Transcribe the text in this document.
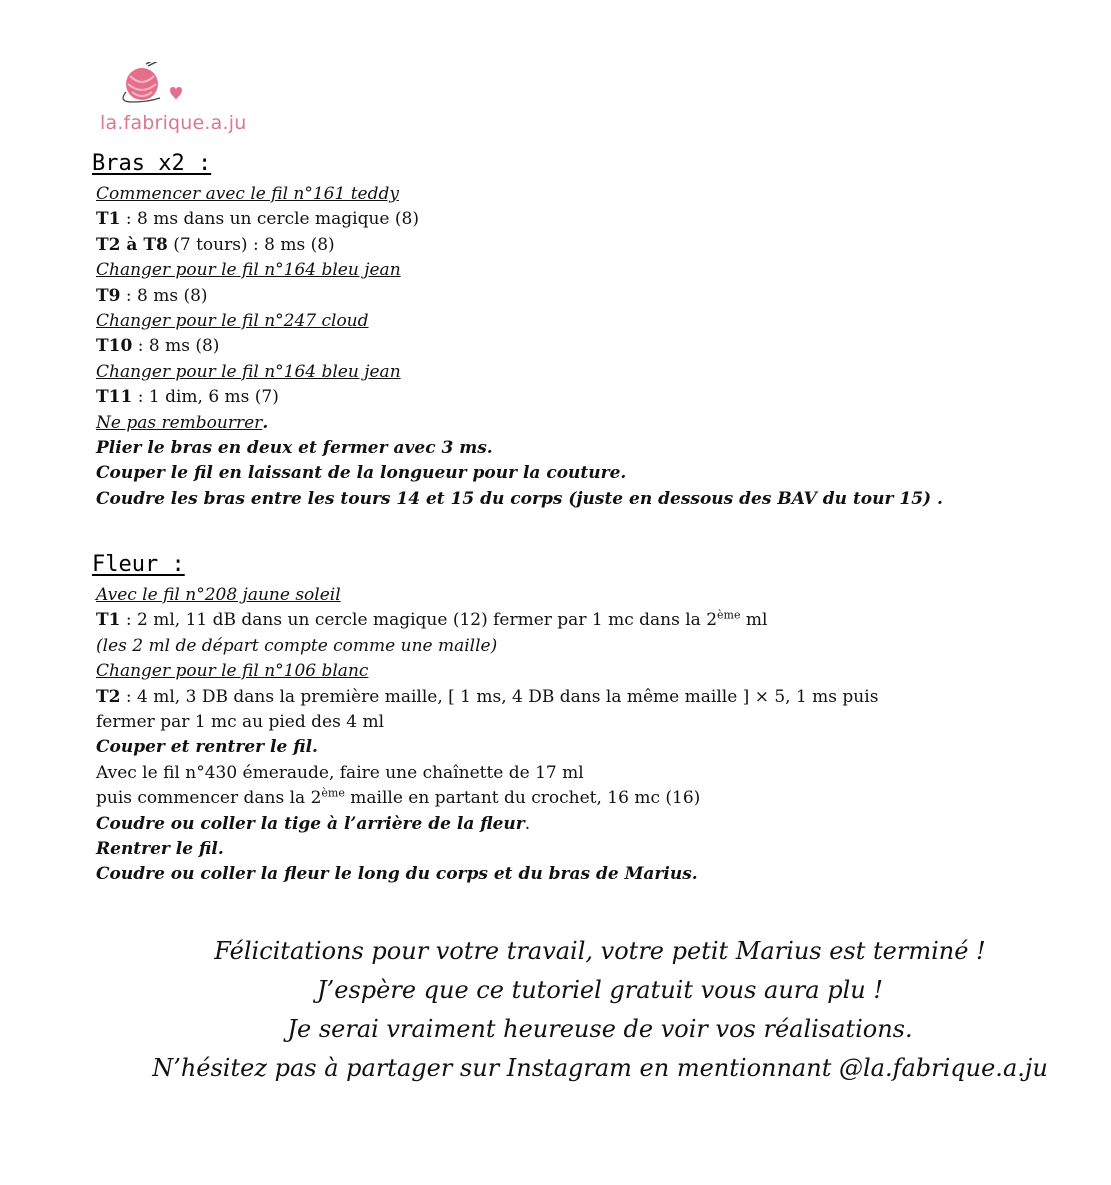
la.fabrique.a.ju
Bras x2 :
Commencer avec le fil n°161 teddy
T1 : 8 ms dans un cercle magique (8)
T2 à T8 (7 tours) : 8 ms (8)
Changer pour le fil n°164 bleu jean
T9 : 8 ms (8)
Changer pour le fil n°247 cloud
T10 : 8 ms (8)
Changer pour le fil n°164 bleu jean
T11 : 1 dim, 6 ms (7)
Ne pas rembourrer.
Plier le bras en deux et fermer avec 3 ms.
Couper le fil en laissant de la longueur pour la couture.
Coudre les bras entre les tours 14 et 15 du corps (juste en dessous des BAV du tour 15) .
Fleur :
Avec le fil n°208 jaune soleil
T1 : 2 ml, 11 dB dans un cercle magique (12) fermer par 1 mc dans la 2ème ml
(les 2 ml de départ compte comme une maille)
Changer pour le fil n°106 blanc
T2 : 4 ml, 3 DB dans la première maille, [ 1 ms, 4 DB dans la même maille ] × 5, 1 ms puis
fermer par 1 mc au pied des 4 ml
Couper et rentrer le fil.
Avec le fil n°430 émeraude, faire une chaînette de 17 ml
puis commencer dans la 2ème maille en partant du crochet, 16 mc (16)
Coudre ou coller la tige à l’arrière de la fleur.
Rentrer le fil.
Coudre ou coller la fleur le long du corps et du bras de Marius.
Félicitations pour votre travail, votre petit Marius est terminé !
J’espère que ce tutoriel gratuit vous aura plu !
Je serai vraiment heureuse de voir vos réalisations.
N’hésitez pas à partager sur Instagram en mentionnant @la.fabrique.a.ju
